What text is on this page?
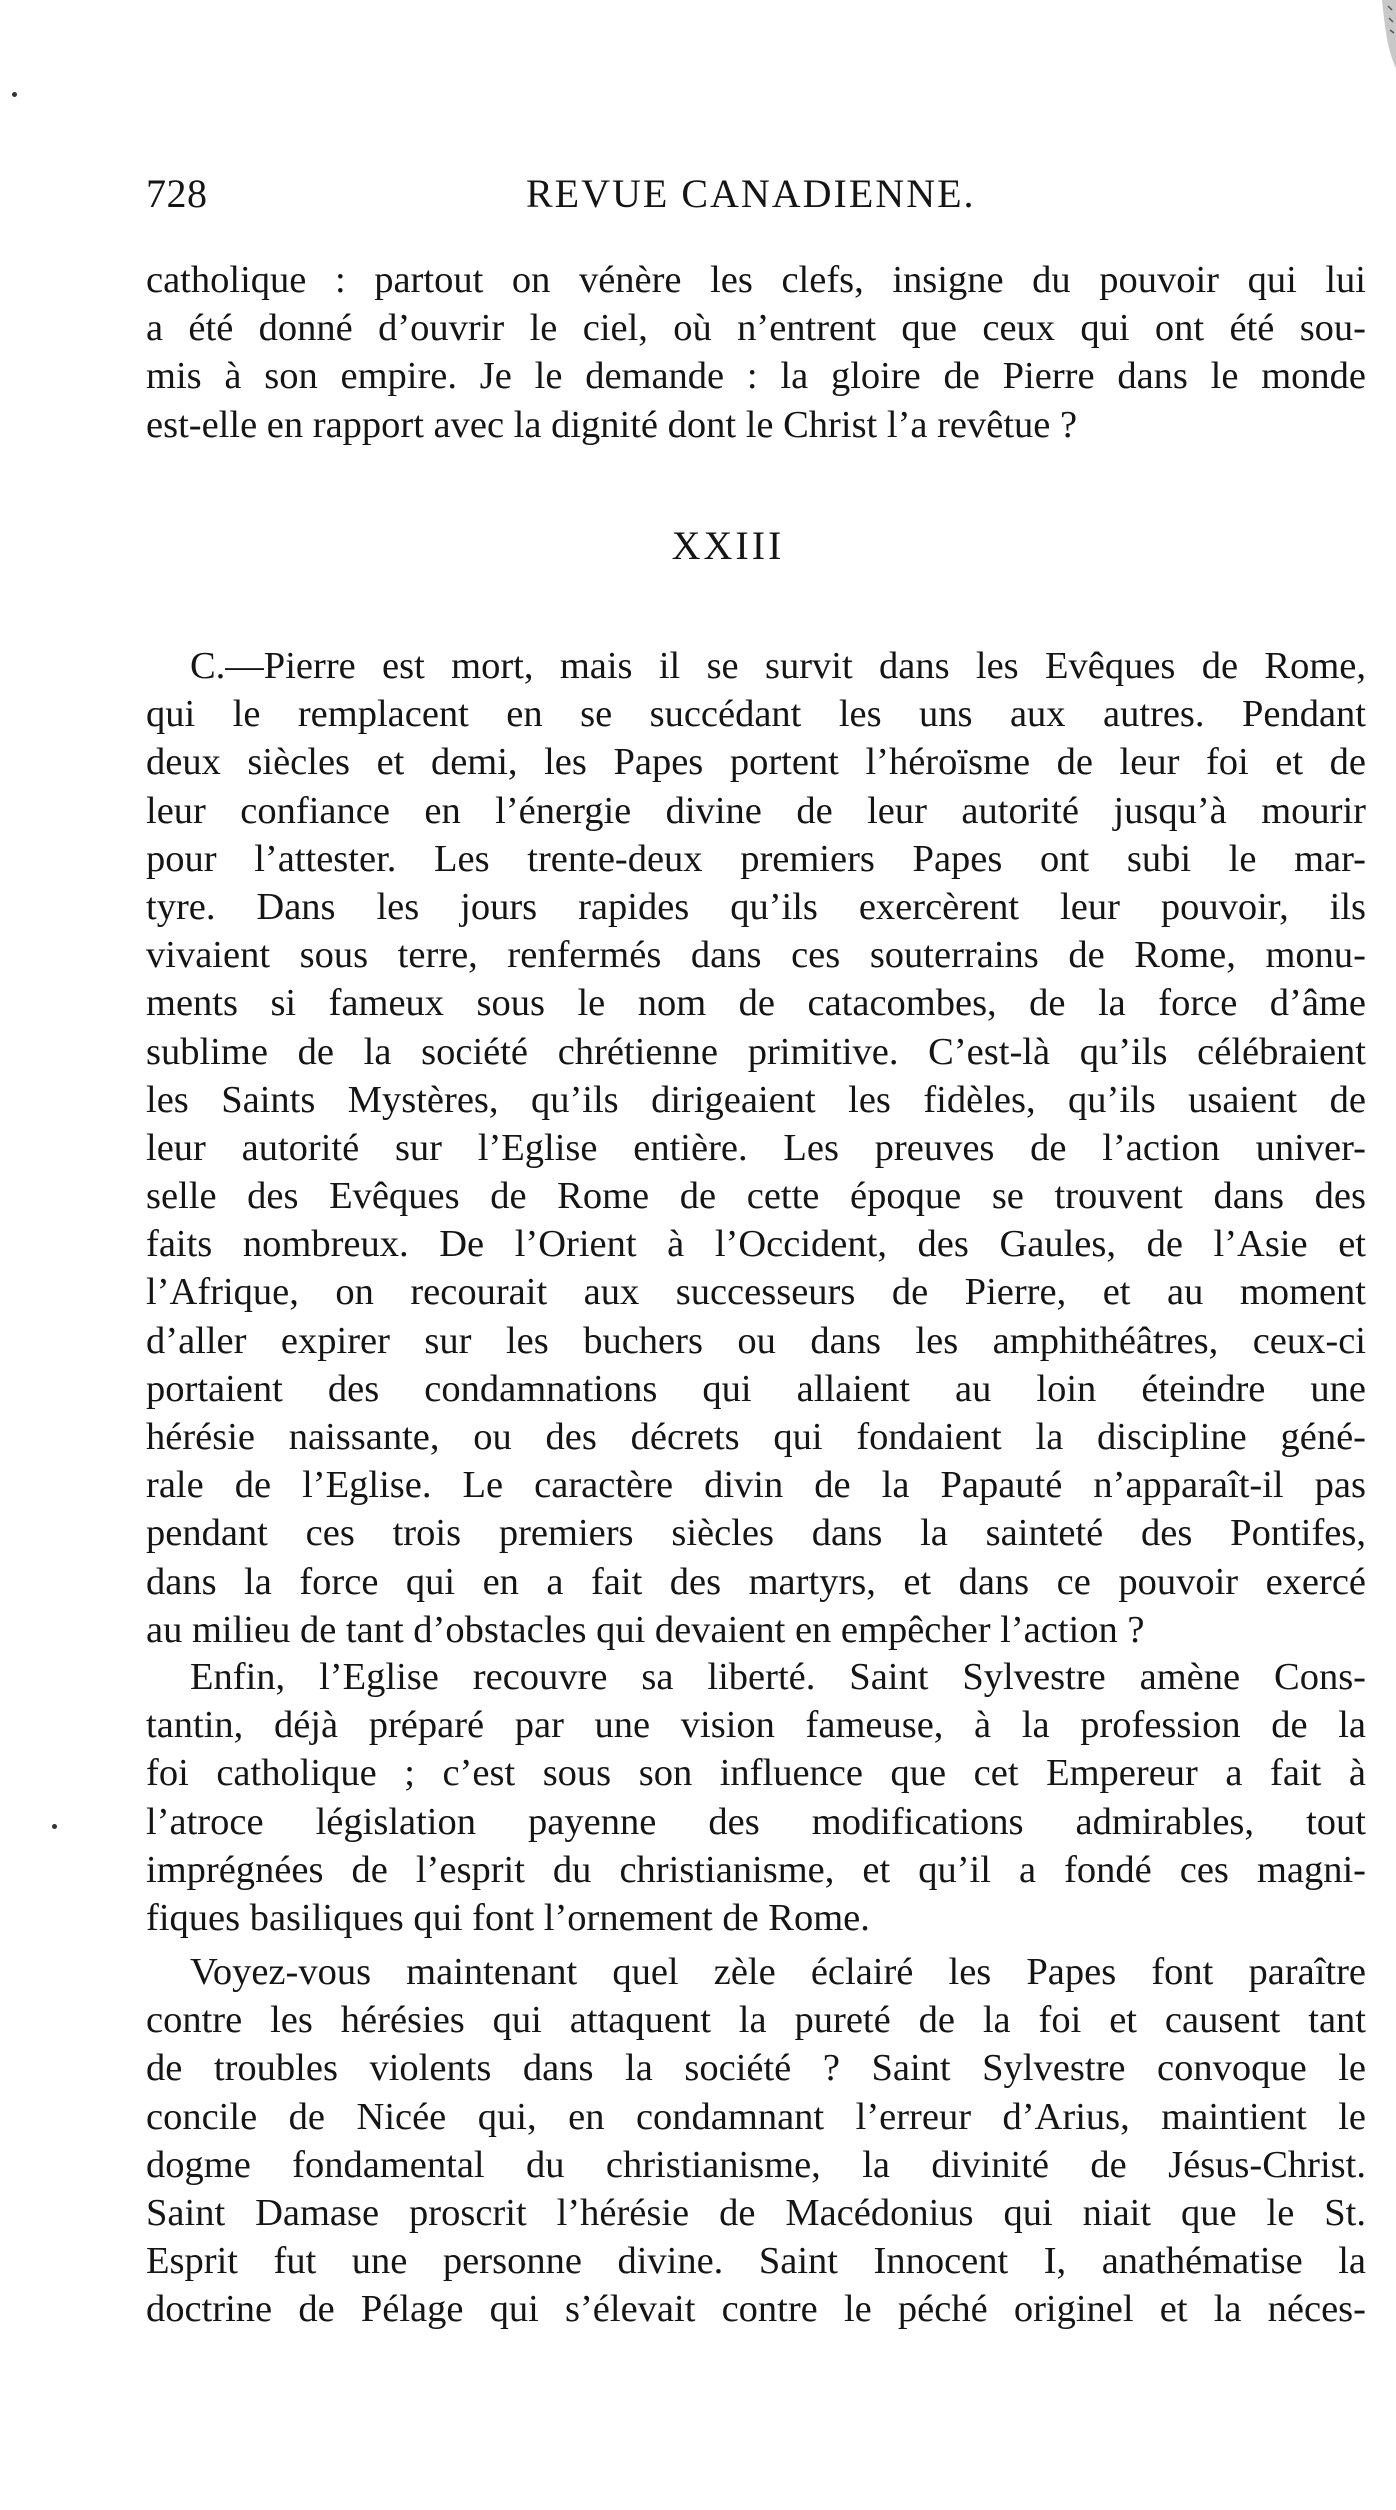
728	REVUE CANADIENNE.
catholique : partout on vénère les clefs, insigne du pouvoir qui lui
a été donné d’ouvrir le ciel, où n’entrent que ceux qui ont été sou-
mis à son empire. Je le demande : la gloire de Pierre dans le monde
est-elle en rapport avec la dignité dont le Christ l’a revêtue ?
XXIII
C.—Pierre est mort, mais il se survit dans les Evêques de Rome,
qui le remplacent en se succédant les uns aux autres. Pendant
deux siècles et demi, les Papes portent l’héroïsme de leur foi et de
leur confiance en l’énergie divine de leur autorité jusqu’à mourir
pour l’attester. Les trente-deux premiers Papes ont subi le mar-
tyre. Dans les jours rapides qu’ils exercèrent leur pouvoir, ils
vivaient sous terre, renfermés dans ces souterrains de Rome, monu-
ments si fameux sous le nom de catacombes, de la force d’âme
sublime de la société chrétienne primitive. C’est-là qu’ils célébraient
les Saints Mystères, qu’ils dirigeaient les fidèles, qu’ils usaient de
leur autorité sur l’Eglise entière. Les preuves de l’action univer-
selle des Evêques de Rome de cette époque se trouvent dans des
faits nombreux. De l’Orient à l’Occident, des Gaules, de l’Asie et
l’Afrique, on recourait aux successeurs de Pierre, et au moment
d’aller expirer sur les buchers ou dans les amphithéâtres, ceux-ci
portaient des condamnations qui allaient au loin éteindre une
hérésie naissante, ou des décrets qui fondaient la discipline géné-
rale de l’Eglise. Le caractère divin de la Papauté n’apparaît-il pas
pendant ces trois premiers siècles dans la sainteté des Pontifes,
dans la force qui en a fait des martyrs, et dans ce pouvoir exercé
au milieu de tant d’obstacles qui devaient en empêcher l’action ?
Enfin, l’Eglise recouvre sa liberté. Saint Sylvestre amène Cons-
tantin, déjà préparé par une vision fameuse, à la profession de la
foi catholique ; c’est sous son influence que cet Empereur a fait à
l’atroce législation payenne des modifications admirables, tout
imprégnées de l’esprit du christianisme, et qu’il a fondé ces magni-
fiques basiliques qui font l’ornement de Rome.
Voyez-vous maintenant quel zèle éclairé les Papes font paraître
contre les hérésies qui attaquent la pureté de la foi et causent tant
de troubles violents dans la société ? Saint Sylvestre convoque le
concile de Nicée qui, en condamnant l’erreur d’Arius, maintient le
dogme fondamental du christianisme, la divinité de Jésus-Christ.
Saint Damase proscrit l’hérésie de Macédonius qui niait que le St.
Esprit fut une personne divine. Saint Innocent I, anathématise la
doctrine de Pélage qui s’élevait contre le péché originel et la néces-
